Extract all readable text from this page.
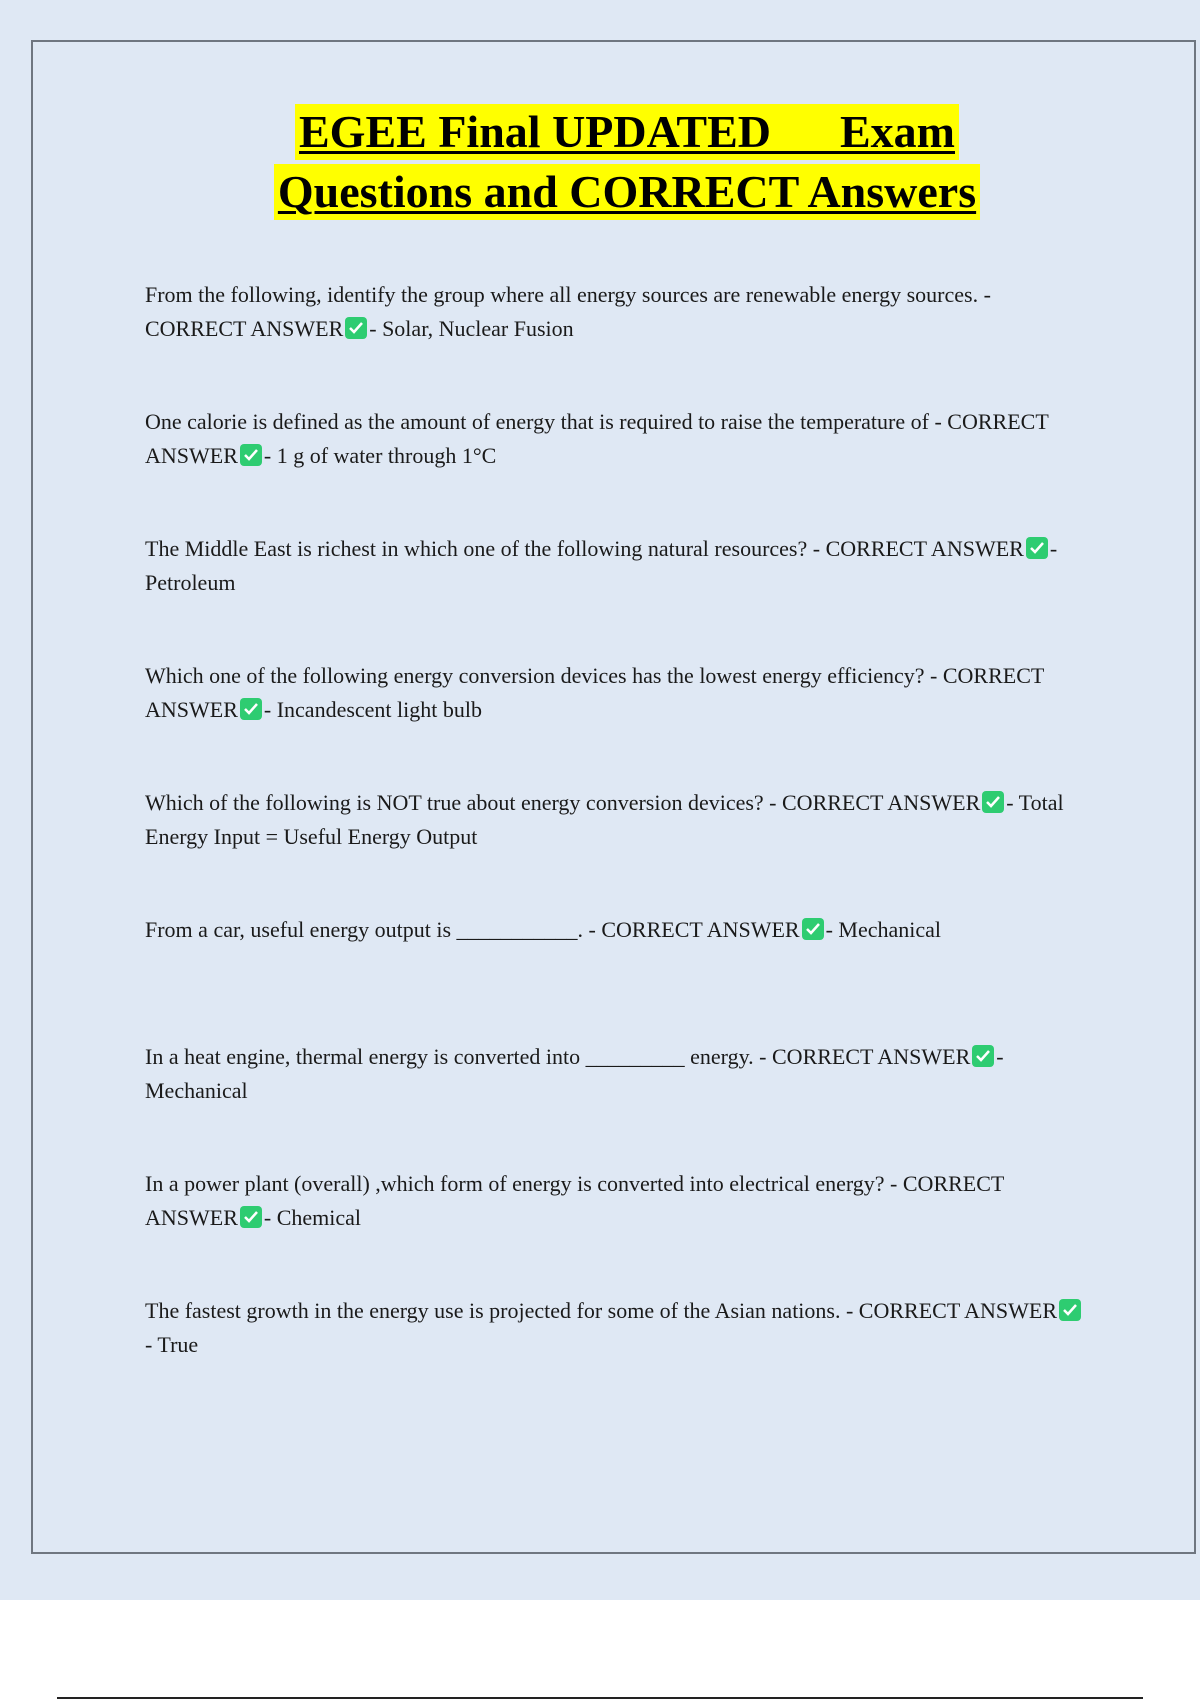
EGEE Final UPDATED      Exam
Questions and CORRECT Answers
From the following, identify the group where all energy sources are renewable energy sources. - CORRECT ANSWER - Solar, Nuclear Fusion
One calorie is defined as the amount of energy that is required to raise the temperature of - CORRECT ANSWER - 1 g of water through 1°C
The Middle East is richest in which one of the following natural resources? - CORRECT ANSWER - Petroleum
Which one of the following energy conversion devices has the lowest energy efficiency? - CORRECT ANSWER - Incandescent light bulb
Which of the following is NOT true about energy conversion devices? - CORRECT ANSWER - Total Energy Input = Useful Energy Output
From a car, useful energy output is ___________. - CORRECT ANSWER - Mechanical
In a heat engine, thermal energy is converted into _________ energy. - CORRECT ANSWER - Mechanical
In a power plant (overall) ,which form of energy is converted into electrical energy? - CORRECT ANSWER - Chemical
The fastest growth in the energy use is projected for some of the Asian nations. - CORRECT ANSWER
- True
